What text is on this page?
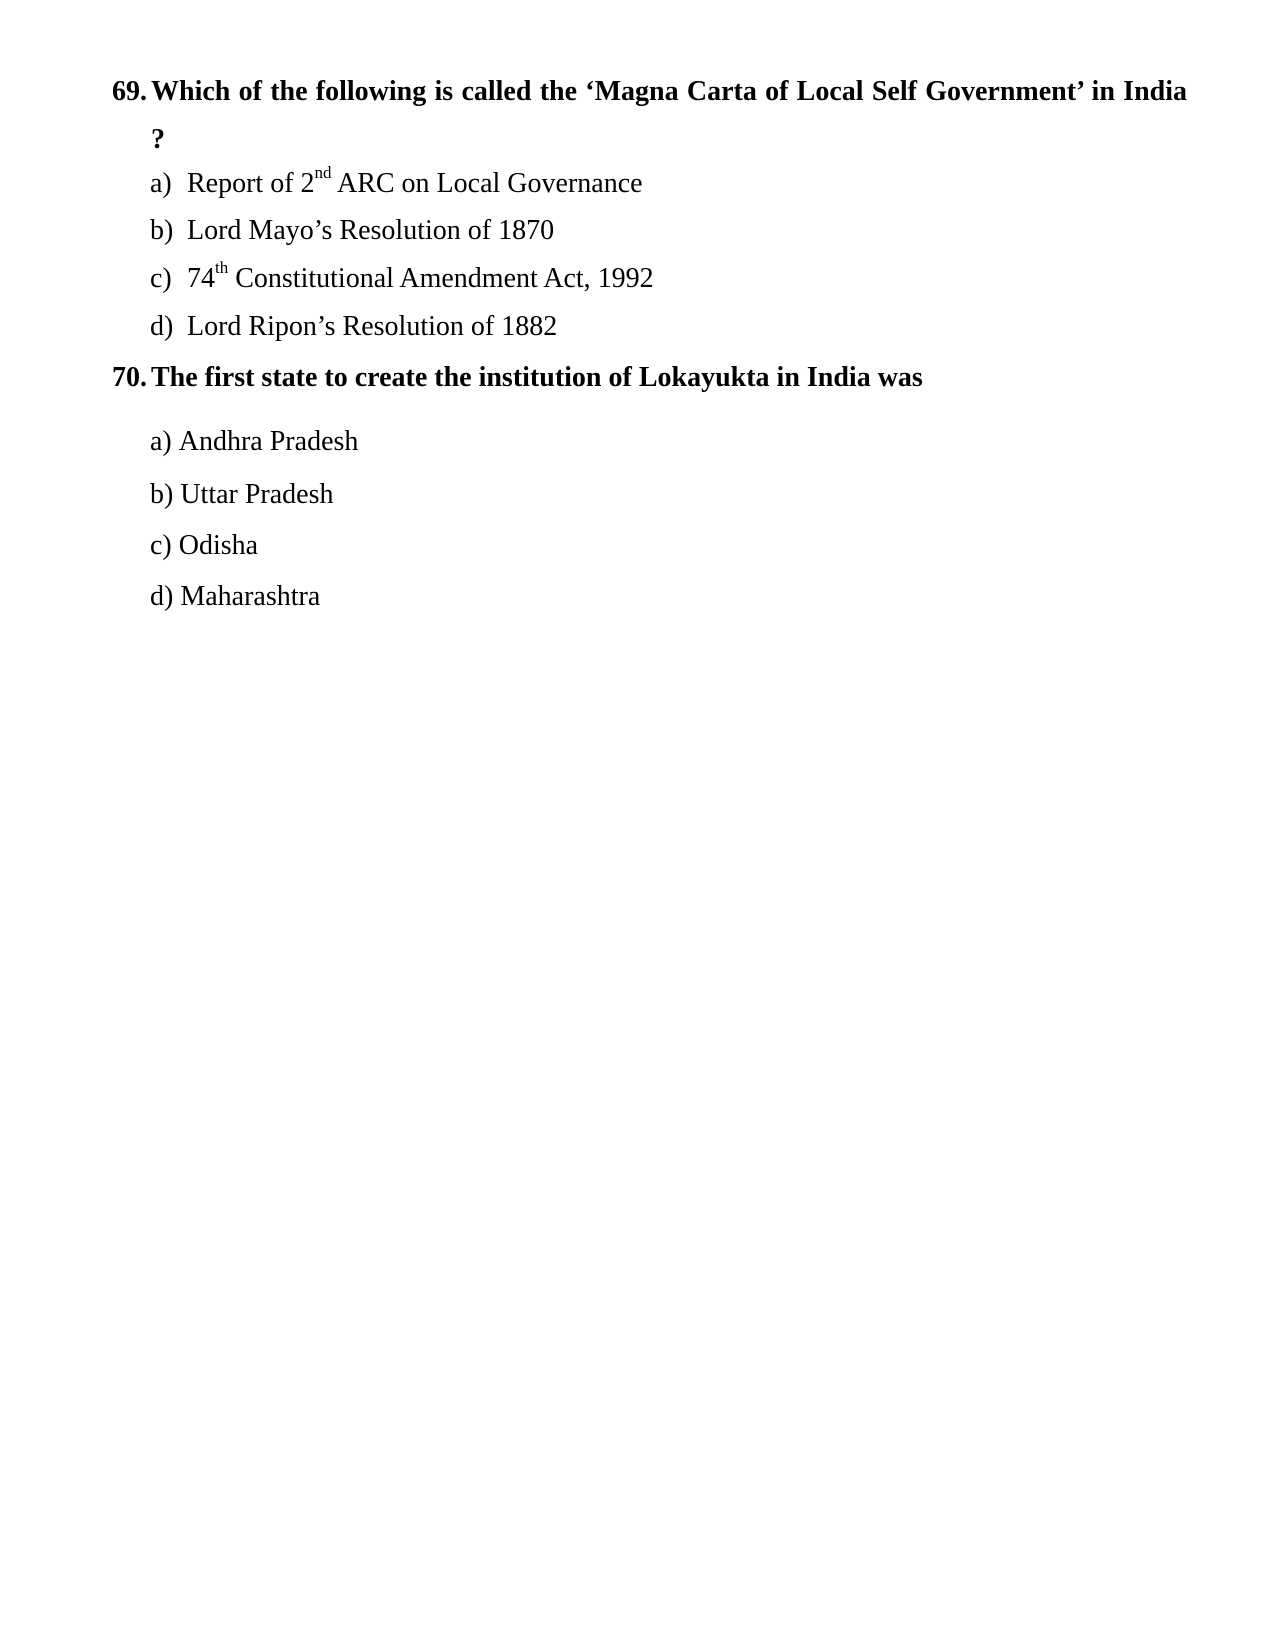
69. Which of the following is called the ‘Magna Carta of Local Self Government’ in India ?
a) Report of 2nd ARC on Local Governance
b) Lord Mayo’s Resolution of 1870
c) 74th Constitutional Amendment Act, 1992
d) Lord Ripon’s Resolution of 1882
70. The first state to create the institution of Lokayukta in India was
a) Andhra Pradesh
b) Uttar Pradesh
c) Odisha
d) Maharashtra
